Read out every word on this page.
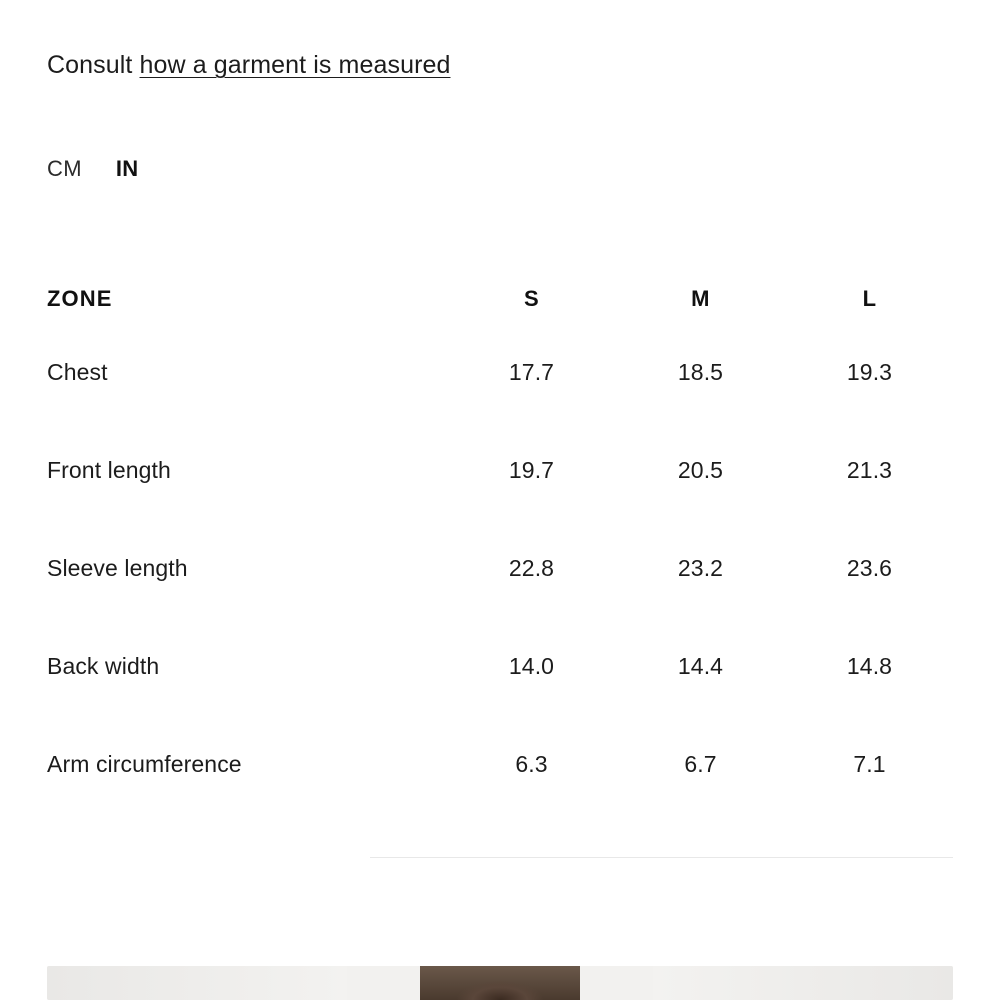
Consult how a garment is measured
CM IN
ZONE	S	M	L
Chest	17.7	18.5	19.3
Front length	19.7	20.5	21.3
Sleeve length	22.8	23.2	23.6
Back width	14.0	14.4	14.8
Arm circumference	6.3	6.7	7.1
